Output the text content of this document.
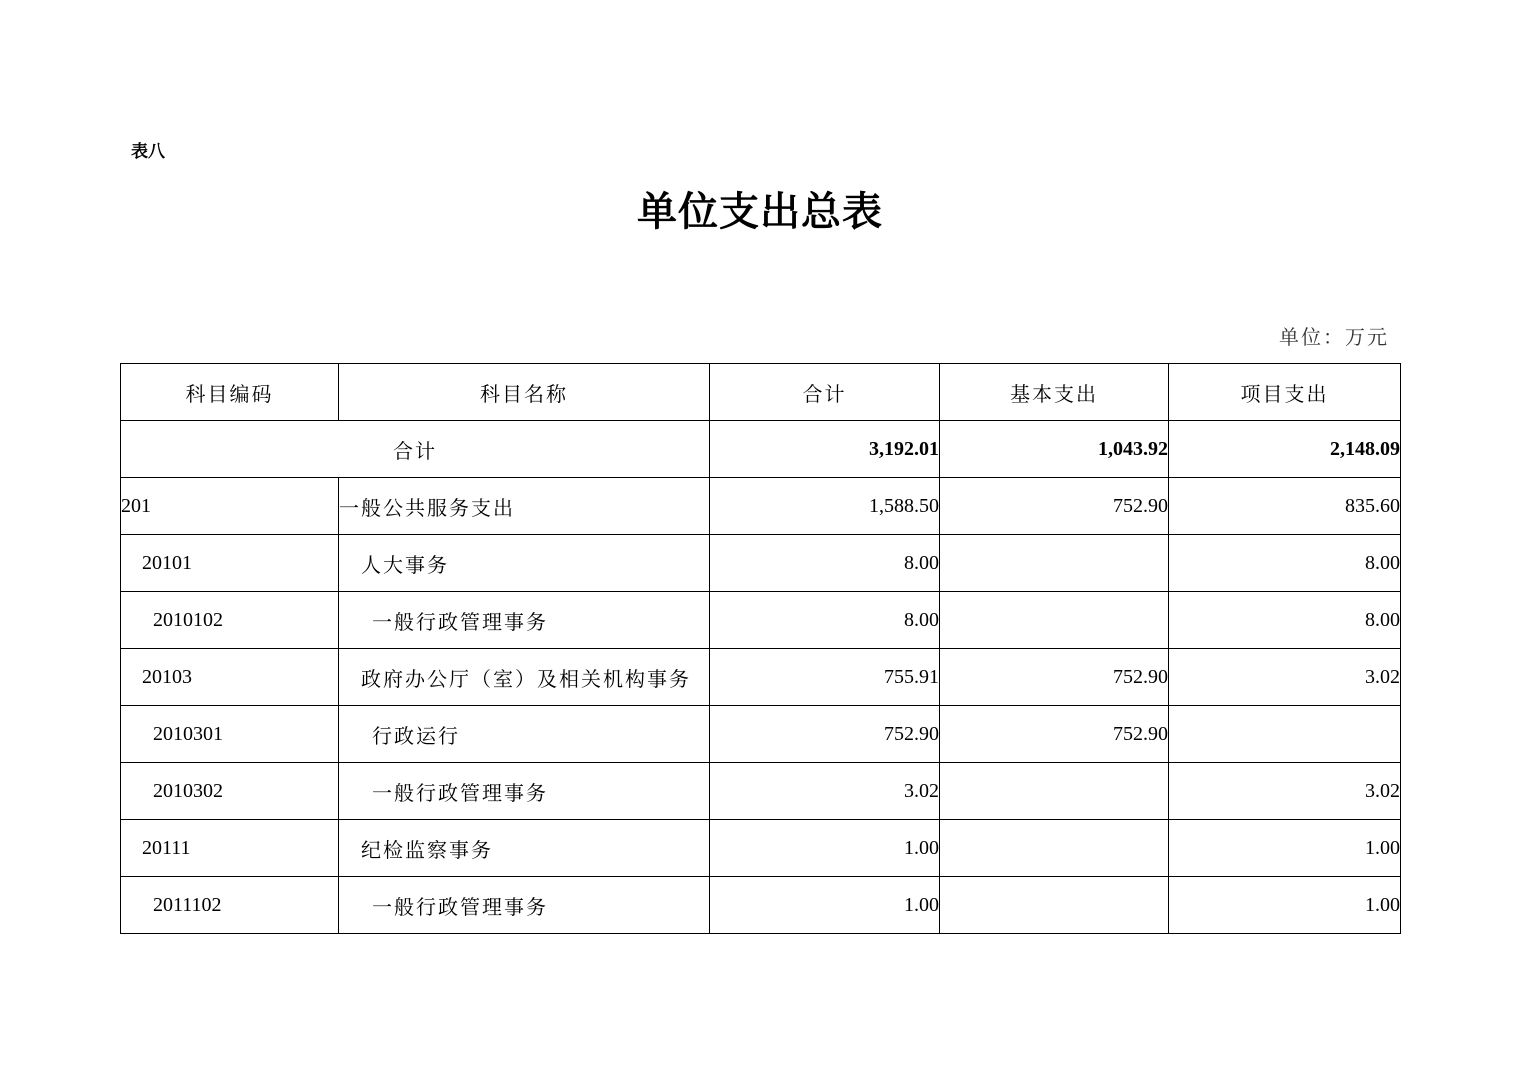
表八
单位支出总表
单位：万元
科目编码	科目名称	合计	基本支出	项目支出
合计		3,192.01	1,043.92	2,148.09
201	一般公共服务支出	1,588.50	752.90	835.60
20101	人大事务	8.00		8.00
2010102	一般行政管理事务	8.00		8.00
20103	政府办公厅（室）及相关机构事务	755.91	752.90	3.02
2010301	行政运行	752.90	752.90	
2010302	一般行政管理事务	3.02		3.02
20111	纪检监察事务	1.00		1.00
2011102	一般行政管理事务	1.00		1.00
